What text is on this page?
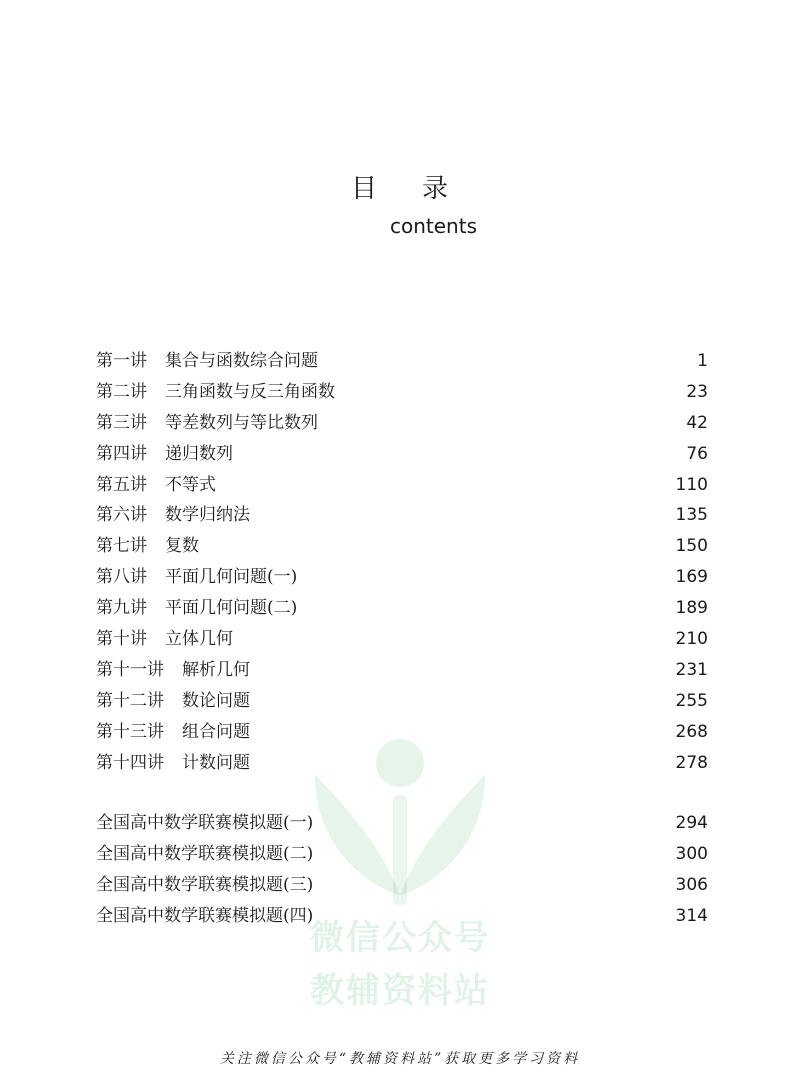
微信公众号
教辅资料站
目 录
contents
第一讲 集合与函数综合问题	1
第二讲 三角函数与反三角函数	23
第三讲 等差数列与等比数列	42
第四讲 递归数列	76
第五讲 不等式	110
第六讲 数学归纳法	135
第七讲 复数	150
第八讲 平面几何问题(一)	169
第九讲 平面几何问题(二)	189
第十讲 立体几何	210
第十一讲 解析几何	231
第十二讲 数论问题	255
第十三讲 组合问题	268
第十四讲 计数问题	278
全国高中数学联赛模拟题(一)	294
全国高中数学联赛模拟题(二)	300
全国高中数学联赛模拟题(三)	306
全国高中数学联赛模拟题(四)	314
关注微信公众号“教辅资料站”获取更多学习资料
